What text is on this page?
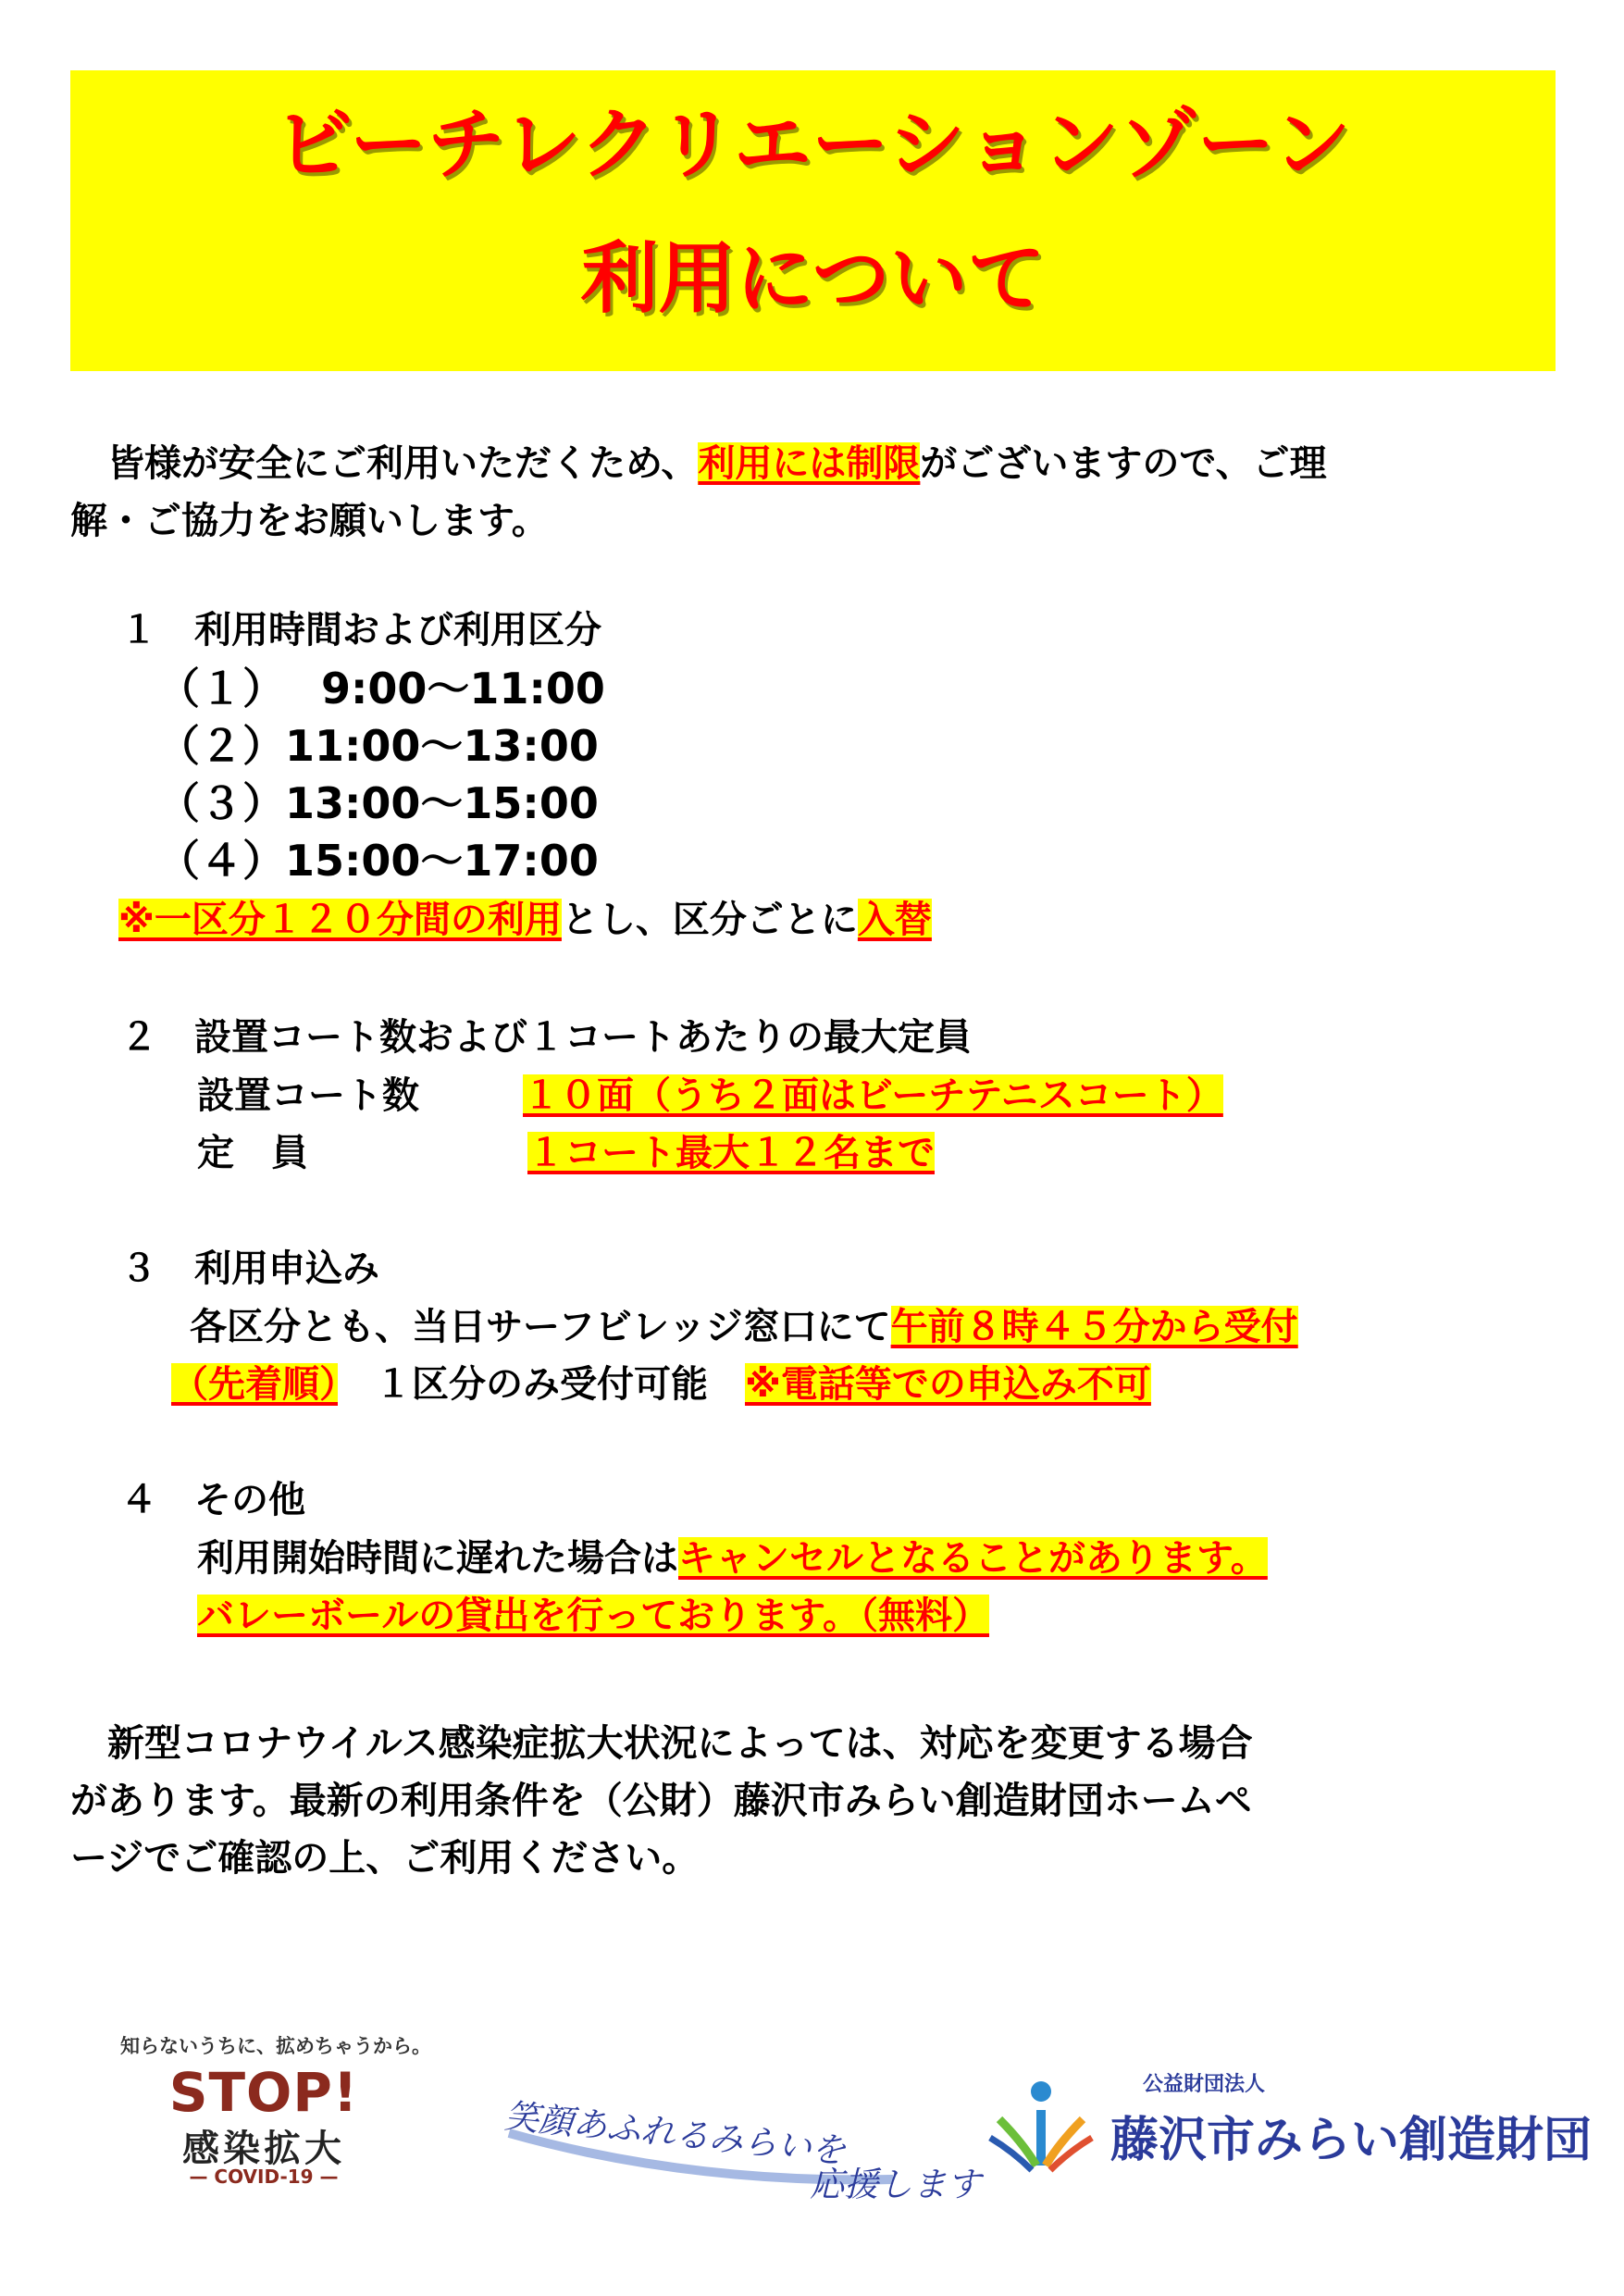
ビーチレクリエーションゾーン
利用について
　皆様が安全にご利用いただくため、利用には制限がございますので、ご理
解・ご協力をお願いします。
１　利用時間および利用区分
（１）　 9:00～11:00
（２）11:00～13:00
（３）13:00～15:00
（４）15:00～17:00
※一区分１２０分間の利用とし、区分ごとに入替
２　設置コート数および１コートあたりの最大定員
設置コート数	１０面（うち２面はビーチテニスコート）
定　員	１コート最大１２名まで
３　利用申込み
各区分とも、当日サーフビレッジ窓口にて午前８時４５分から受付
（先着順）　１区分のみ受付可能　※電話等での申込み不可
４　その他
利用開始時間に遅れた場合はキャンセルとなることがあります。
バレーボールの貸出を行っております。（無料）
　新型コロナウイルス感染症拡大状況によっては、対応を変更する場合
があります。最新の利用条件を（公財）藤沢市みらい創造財団ホームペ
ージでご確認の上、ご利用ください。
知らないうちに、拡めちゃうから。
STOP!
感染拡大
— COVID-19 —
笑顔あふれるみらいを
応援します
公益財団法人
藤沢市みらい創造財団
